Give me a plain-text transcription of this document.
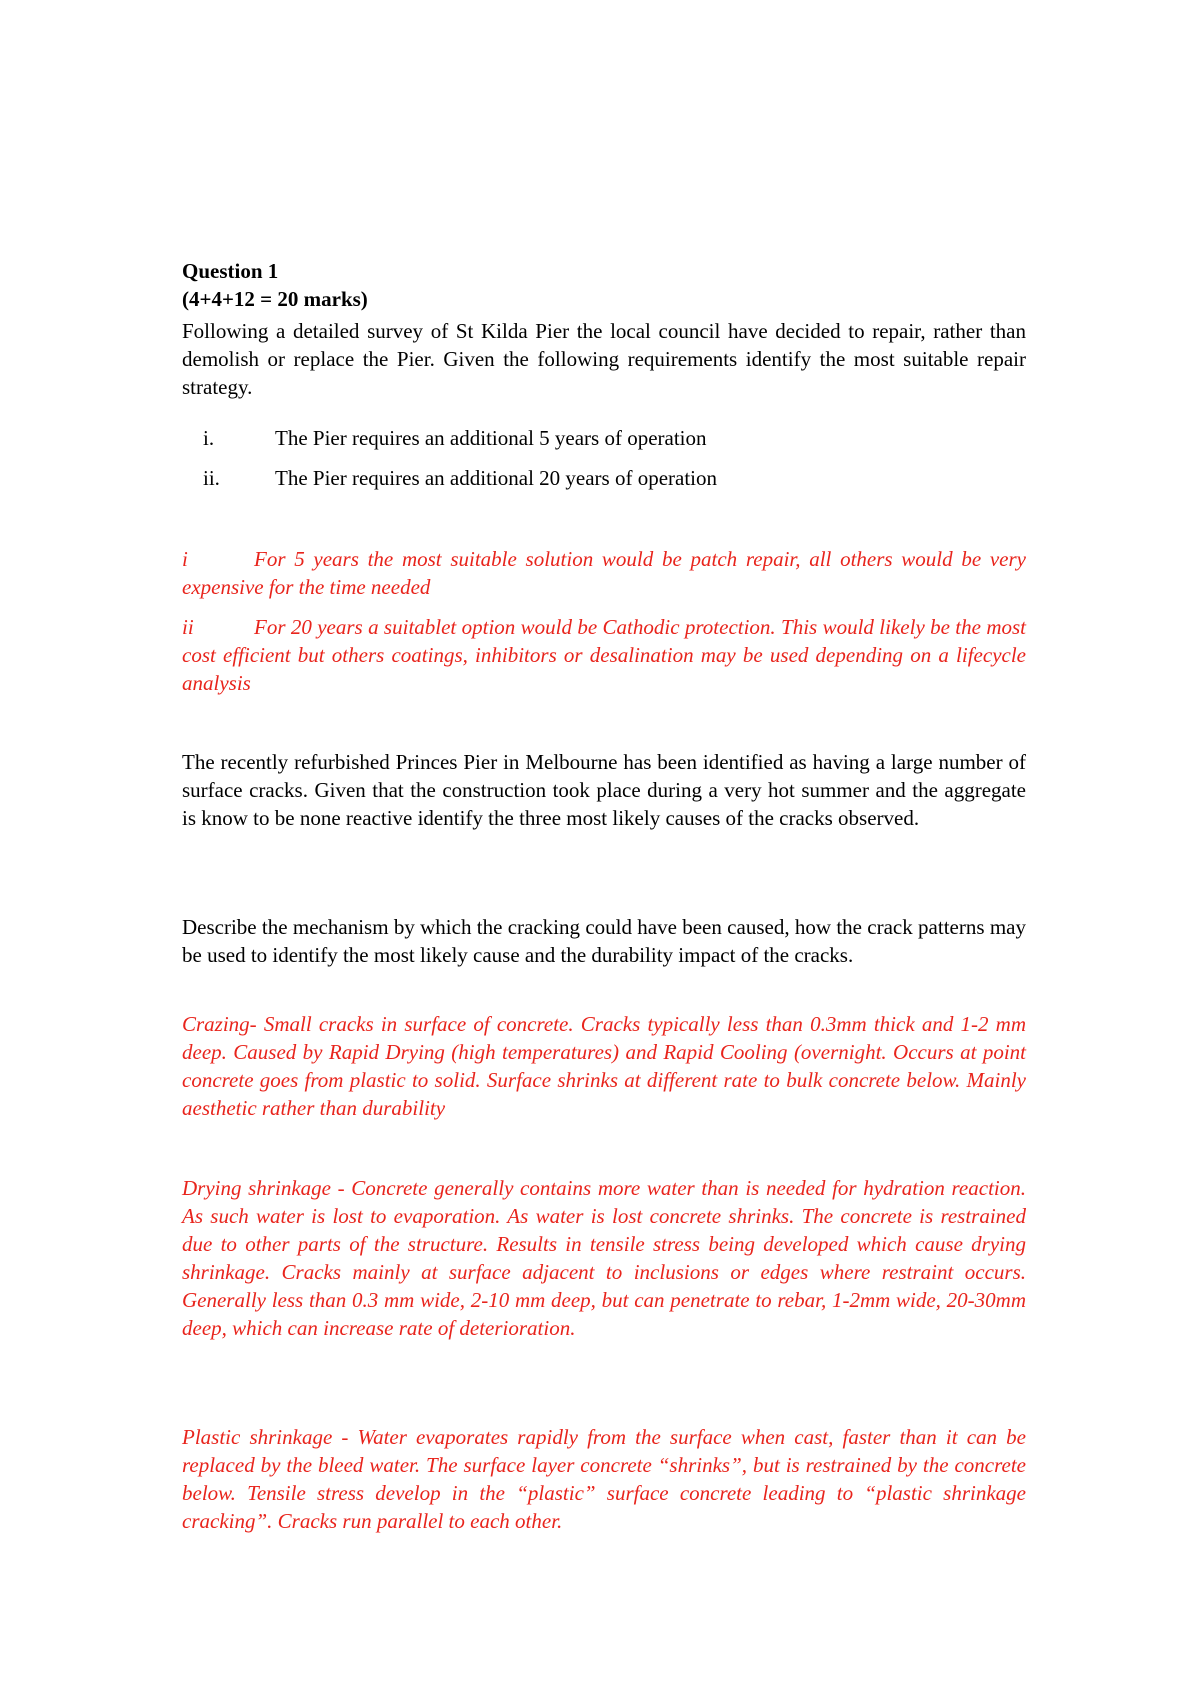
Question 1

(4+4+12 = 20 marks)

Following a detailed survey of St Kilda Pier the local council have decided to repair, rather than demolish or replace the Pier. Given the following requirements identify the most suitable repair strategy.

i.	The Pier requires an additional 5 years of operation
ii.	The Pier requires an additional 20 years of operation

i	For 5 years the most suitable solution would be patch repair, all others would be very expensive for the time needed

ii	For 20 years a suitablet option would be Cathodic protection. This would likely be the most cost efficient but others coatings, inhibitors or desalination may be used depending on a lifecycle analysis

The recently refurbished Princes Pier in Melbourne has been identified as having a large number of surface cracks. Given that the construction took place during a very hot summer and the aggregate is know to be none reactive identify the three most likely causes of the cracks observed.

Describe the mechanism by which the cracking could have been caused, how the crack patterns may be used to identify the most likely cause and the durability impact of the cracks.

Crazing- Small cracks in surface of concrete. Cracks typically less than 0.3mm thick and 1-2 mm deep. Caused by Rapid Drying (high temperatures) and Rapid Cooling (overnight. Occurs at point concrete goes from plastic to solid. Surface shrinks at different rate to bulk concrete below. Mainly aesthetic rather than durability

Drying shrinkage - Concrete generally contains more water than is needed for hydration reaction. As such water is lost to evaporation. As water is lost concrete shrinks. The concrete is restrained due to other parts of the structure. Results in tensile stress being developed which cause drying shrinkage. Cracks mainly at surface adjacent to inclusions or edges where restraint occurs. Generally less than 0.3 mm wide, 2-10 mm deep, but can penetrate to rebar, 1-2mm wide, 20-30mm deep, which can increase rate of deterioration.

Plastic shrinkage - Water evaporates rapidly from the surface when cast, faster than it can be replaced by the bleed water. The surface layer concrete “shrinks”, but is restrained by the concrete below. Tensile stress develop in the “plastic” surface concrete leading to “plastic shrinkage cracking”. Cracks run parallel to each other.
